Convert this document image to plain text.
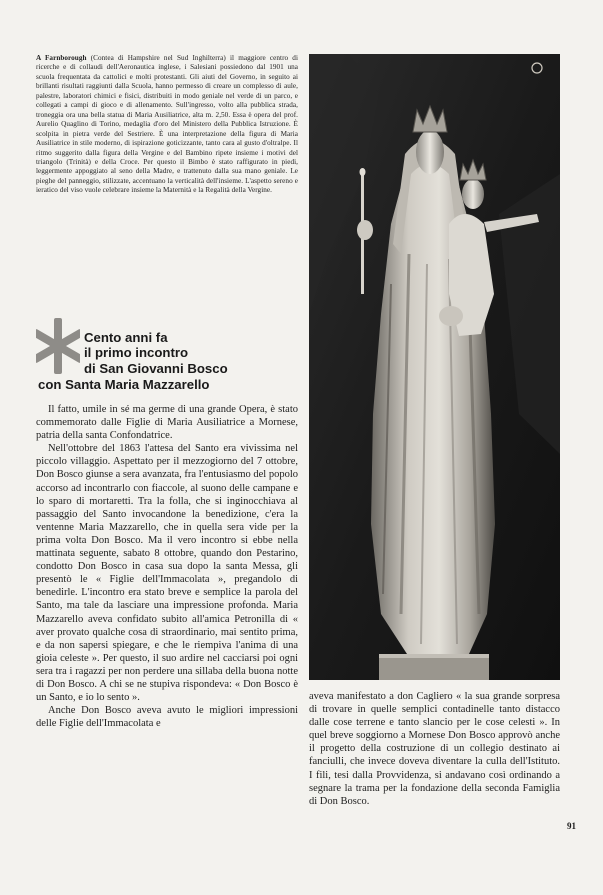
A Farnborough (Contea di Hampshire nel Sud Inghilterra) il maggiore centro di ricerche e di collaudi dell'Aeronautica inglese, i Salesiani possiedono dal 1901 una scuola frequentata da cattolici e molti protestanti. Gli aiuti del Governo, in seguito ai brillanti risultati raggiunti dalla Scuola, hanno permesso di creare un complesso di aule, palestre, laboratori chimici e fisici, distribuiti in modo geniale nel verde di un parco, e collegati a campi di gioco e di allenamento. Sull'ingresso, volto alla pubblica strada, troneggia ora una bella statua di Maria Ausiliatrice, alta m. 2,50. Essa è opera del prof. Aurelio Quaglino di Torino, medaglia d'oro del Ministero della Pubblica Istruzione. È scolpita in pietra verde del Sestriere. È una interpretazione della figura di Maria Ausiliatrice in stile moderno, di ispirazione goticizzante, tanto cara al gusto d'oltralpe. Il ritmo suggerito dalla figura della Vergine e del Bambino ripete insieme i motivi del triangolo (Trinità) e della Croce. Per questo il Bimbo è stato raffigurato in piedi, leggermente appoggiato al seno della Madre, e trattenuto dalla sua mano geniale. Le pieghe del panneggio, stilizzate, accentuano la verticalità dell'insieme. L'aspetto sereno e ieratico del viso vuole celebrare insieme la Maternità e la Regalità della Vergine.
Cento anni fa
il primo incontro
di San Giovanni Bosco
con Santa Maria Mazzarello

Il fatto, umile in sé ma germe di una grande Opera, è stato commemorato dalle Figlie di Maria Ausiliatrice a Mornese, patria della santa Confondatrice.

Nell'ottobre del 1863 l'attesa del Santo era vivissima nel piccolo villaggio. Aspettato per il mezzogiorno del 7 ottobre, Don Bosco giunse a sera avanzata, fra l'entusiasmo del popolo accorso ad incontrarlo con fiaccole, al suono delle campane e lo sparo di mortaretti. Tra la folla, che si inginocchiava al passaggio del Santo invocandone la benedizione, c'era la ventenne Maria Mazzarello, che in quella sera vide per la prima volta Don Bosco. Ma il vero incontro si ebbe nella mattinata seguente, sabato 8 ottobre, quando don Pestarino, condotto Don Bosco in casa sua dopo la santa Messa, gli presentò le « Figlie dell'Immacolata », pregandolo di benedirle. L'incontro era stato breve e semplice la parola del Santo, ma tale da lasciare una impressione profonda. Maria Mazzarello aveva confidato subito all'amica Petronilla di « aver provato qualche cosa di straordinario, mai sentito prima, e da non sapersi spiegare, e che le riempiva l'anima di una gioia celeste ». Per questo, il suo ardire nel cacciarsi poi ogni sera tra i ragazzi per non perdere una sillaba della buona notte di Don Bosco. A chi se ne stupiva rispondeva: « Don Bosco è un Santo, e io lo sento ».

Anche Don Bosco aveva avuto le migliori impressioni delle Figlie dell'Immacolata e

aveva manifestato a don Cagliero « la sua grande sorpresa di trovare in quelle semplici contadinelle tanto distacco dalle cose terrene e tanto slancio per le cose celesti ». In quel breve soggiorno a Mornese Don Bosco approvò anche il progetto della costruzione di un collegio destinato ai fanciulli, che invece doveva diventare la culla dell'Istituto. I fili, tesi dalla Provvidenza, si andavano così ordinando a segnare la trama per la fondazione della seconda Famiglia di Don Bosco.

91
